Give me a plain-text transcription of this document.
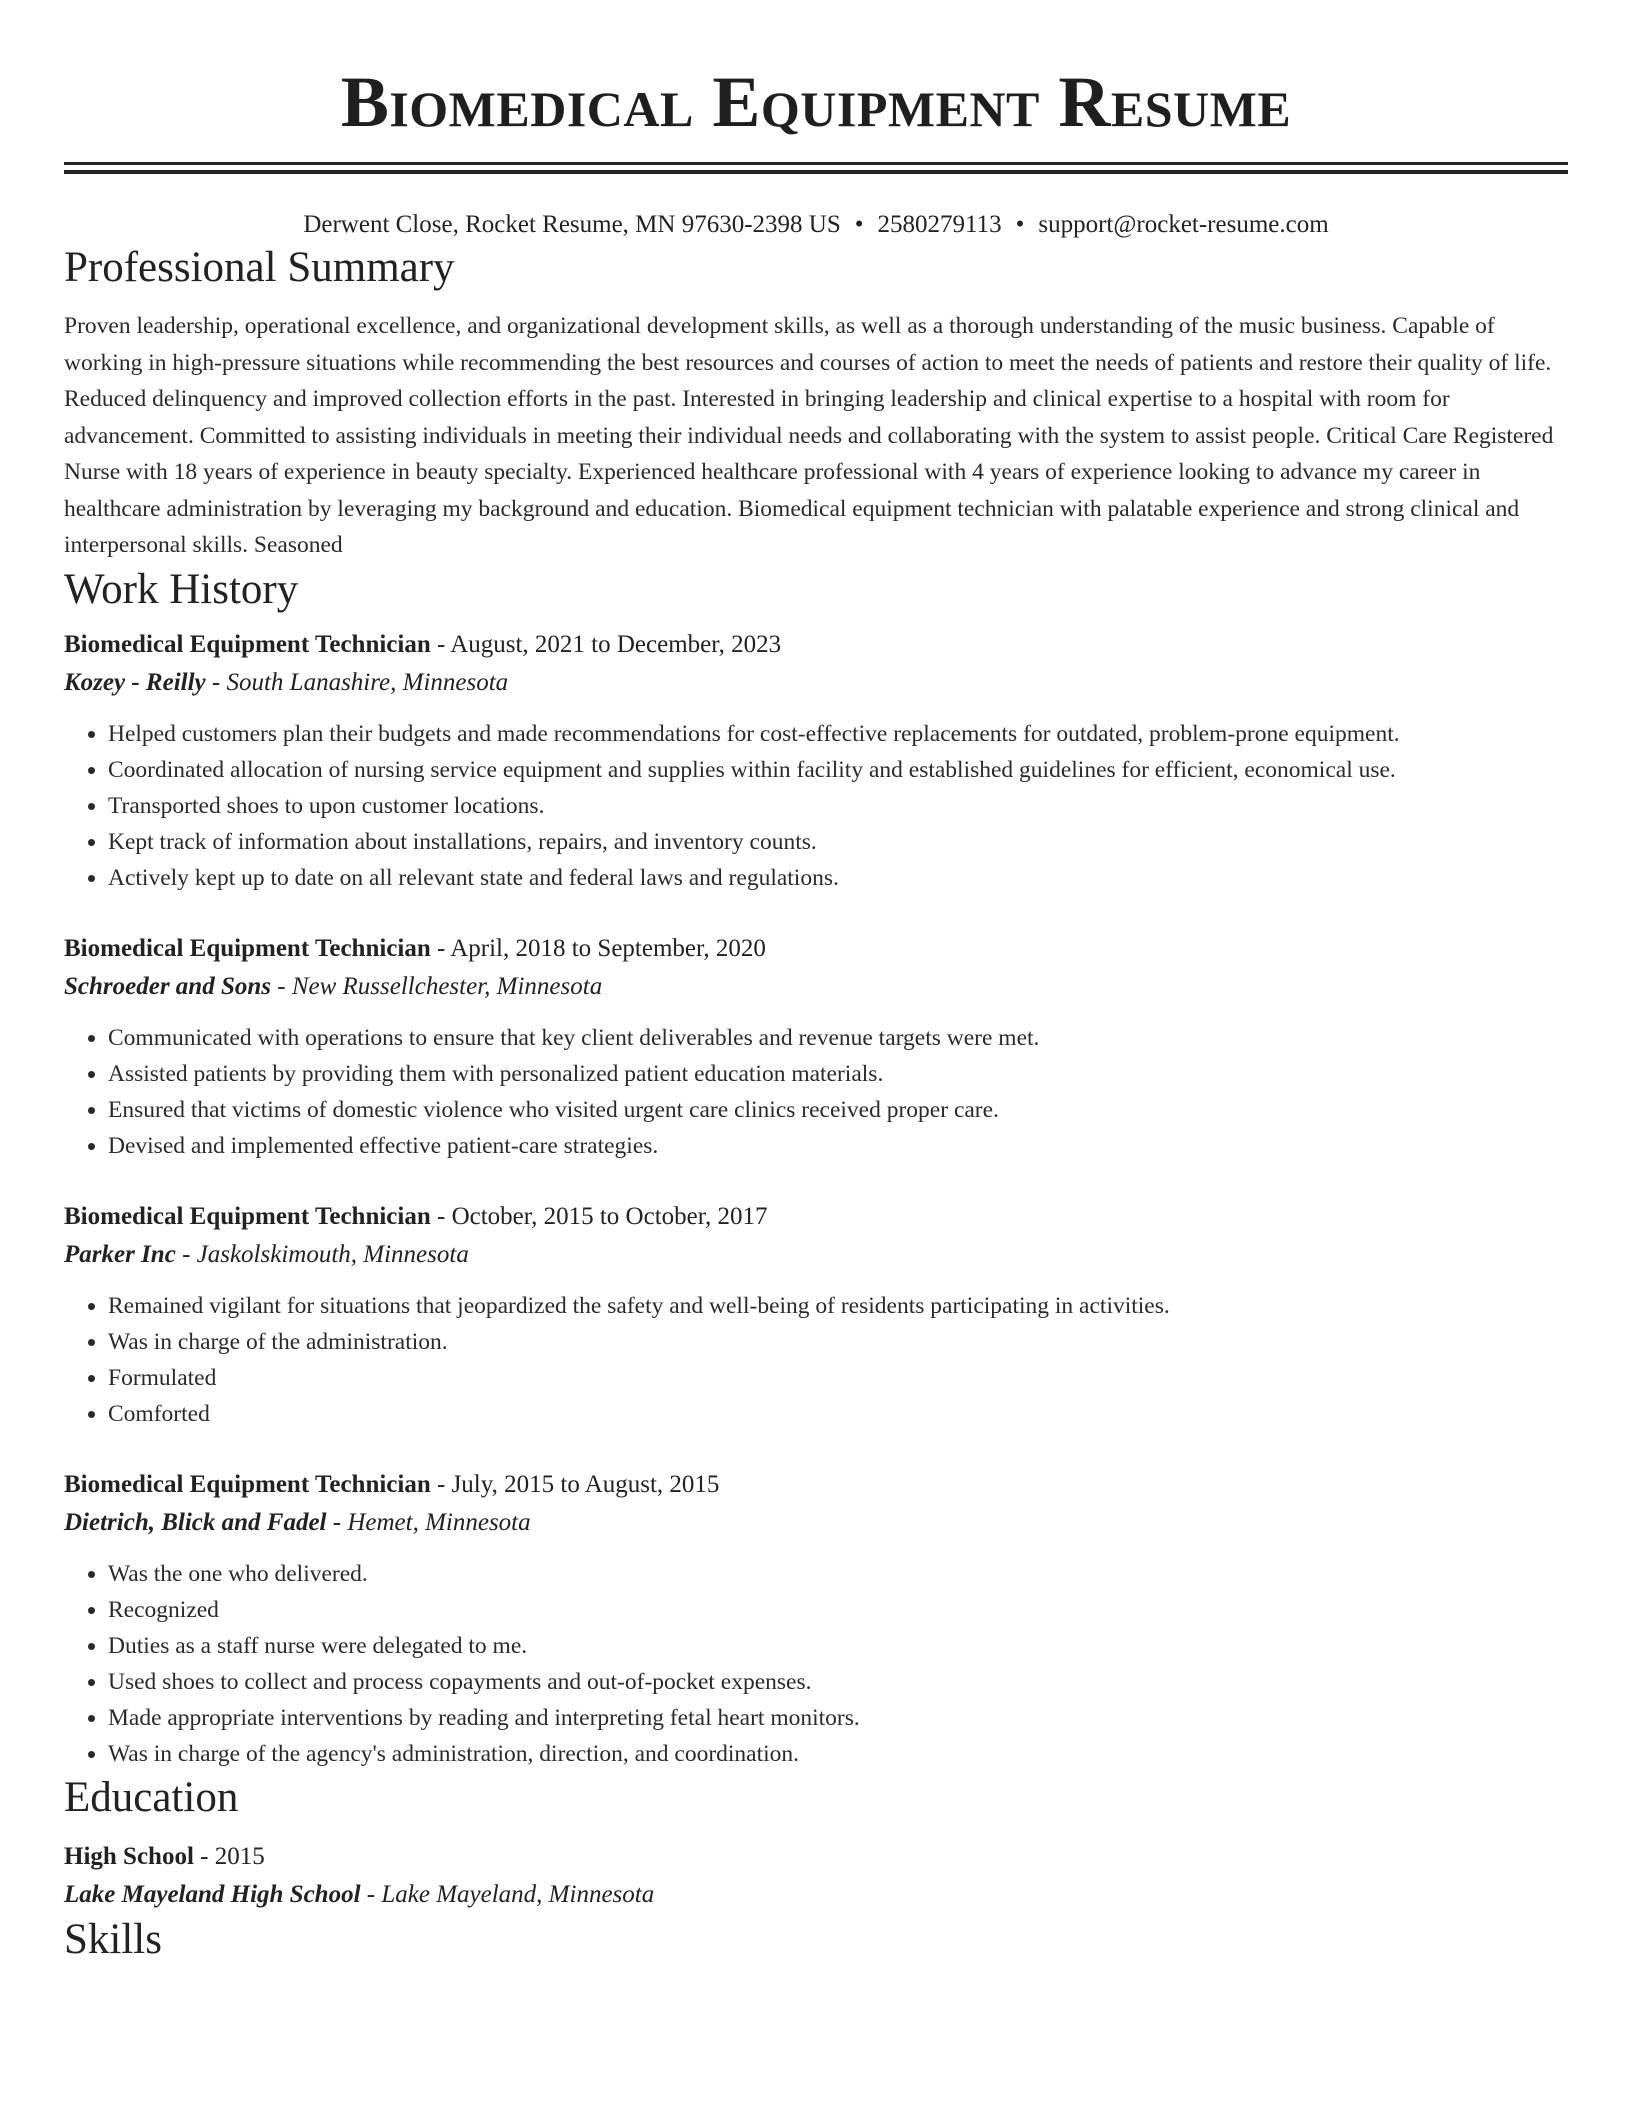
Biomedical Equipment Resume
Derwent Close, Rocket Resume, MN 97630-2398 US • 2580279113 • support@rocket-resume.com
Professional Summary
Proven leadership, operational excellence, and organizational development skills, as well as a thorough understanding of the music business. Capable of working in high-pressure situations while recommending the best resources and courses of action to meet the needs of patients and restore their quality of life. Reduced delinquency and improved collection efforts in the past. Interested in bringing leadership and clinical expertise to a hospital with room for advancement. Committed to assisting individuals in meeting their individual needs and collaborating with the system to assist people. Critical Care Registered Nurse with 18 years of experience in beauty specialty. Experienced healthcare professional with 4 years of experience looking to advance my career in healthcare administration by leveraging my background and education. Biomedical equipment technician with palatable experience and strong clinical and interpersonal skills. Seasoned
Work History
Biomedical Equipment Technician - August, 2021 to December, 2023
Kozey - Reilly - South Lanashire, Minnesota
• Helped customers plan their budgets and made recommendations for cost-effective replacements for outdated, problem-prone equipment.
• Coordinated allocation of nursing service equipment and supplies within facility and established guidelines for efficient, economical use.
• Transported shoes to upon customer locations.
• Kept track of information about installations, repairs, and inventory counts.
• Actively kept up to date on all relevant state and federal laws and regulations.
Biomedical Equipment Technician - April, 2018 to September, 2020
Schroeder and Sons - New Russellchester, Minnesota
• Communicated with operations to ensure that key client deliverables and revenue targets were met.
• Assisted patients by providing them with personalized patient education materials.
• Ensured that victims of domestic violence who visited urgent care clinics received proper care.
• Devised and implemented effective patient-care strategies.
Biomedical Equipment Technician - October, 2015 to October, 2017
Parker Inc - Jaskolskimouth, Minnesota
• Remained vigilant for situations that jeopardized the safety and well-being of residents participating in activities.
• Was in charge of the administration.
• Formulated
• Comforted
Biomedical Equipment Technician - July, 2015 to August, 2015
Dietrich, Blick and Fadel - Hemet, Minnesota
• Was the one who delivered.
• Recognized
• Duties as a staff nurse were delegated to me.
• Used shoes to collect and process copayments and out-of-pocket expenses.
• Made appropriate interventions by reading and interpreting fetal heart monitors.
• Was in charge of the agency's administration, direction, and coordination.
Education
High School - 2015
Lake Mayeland High School - Lake Mayeland, Minnesota
Skills
